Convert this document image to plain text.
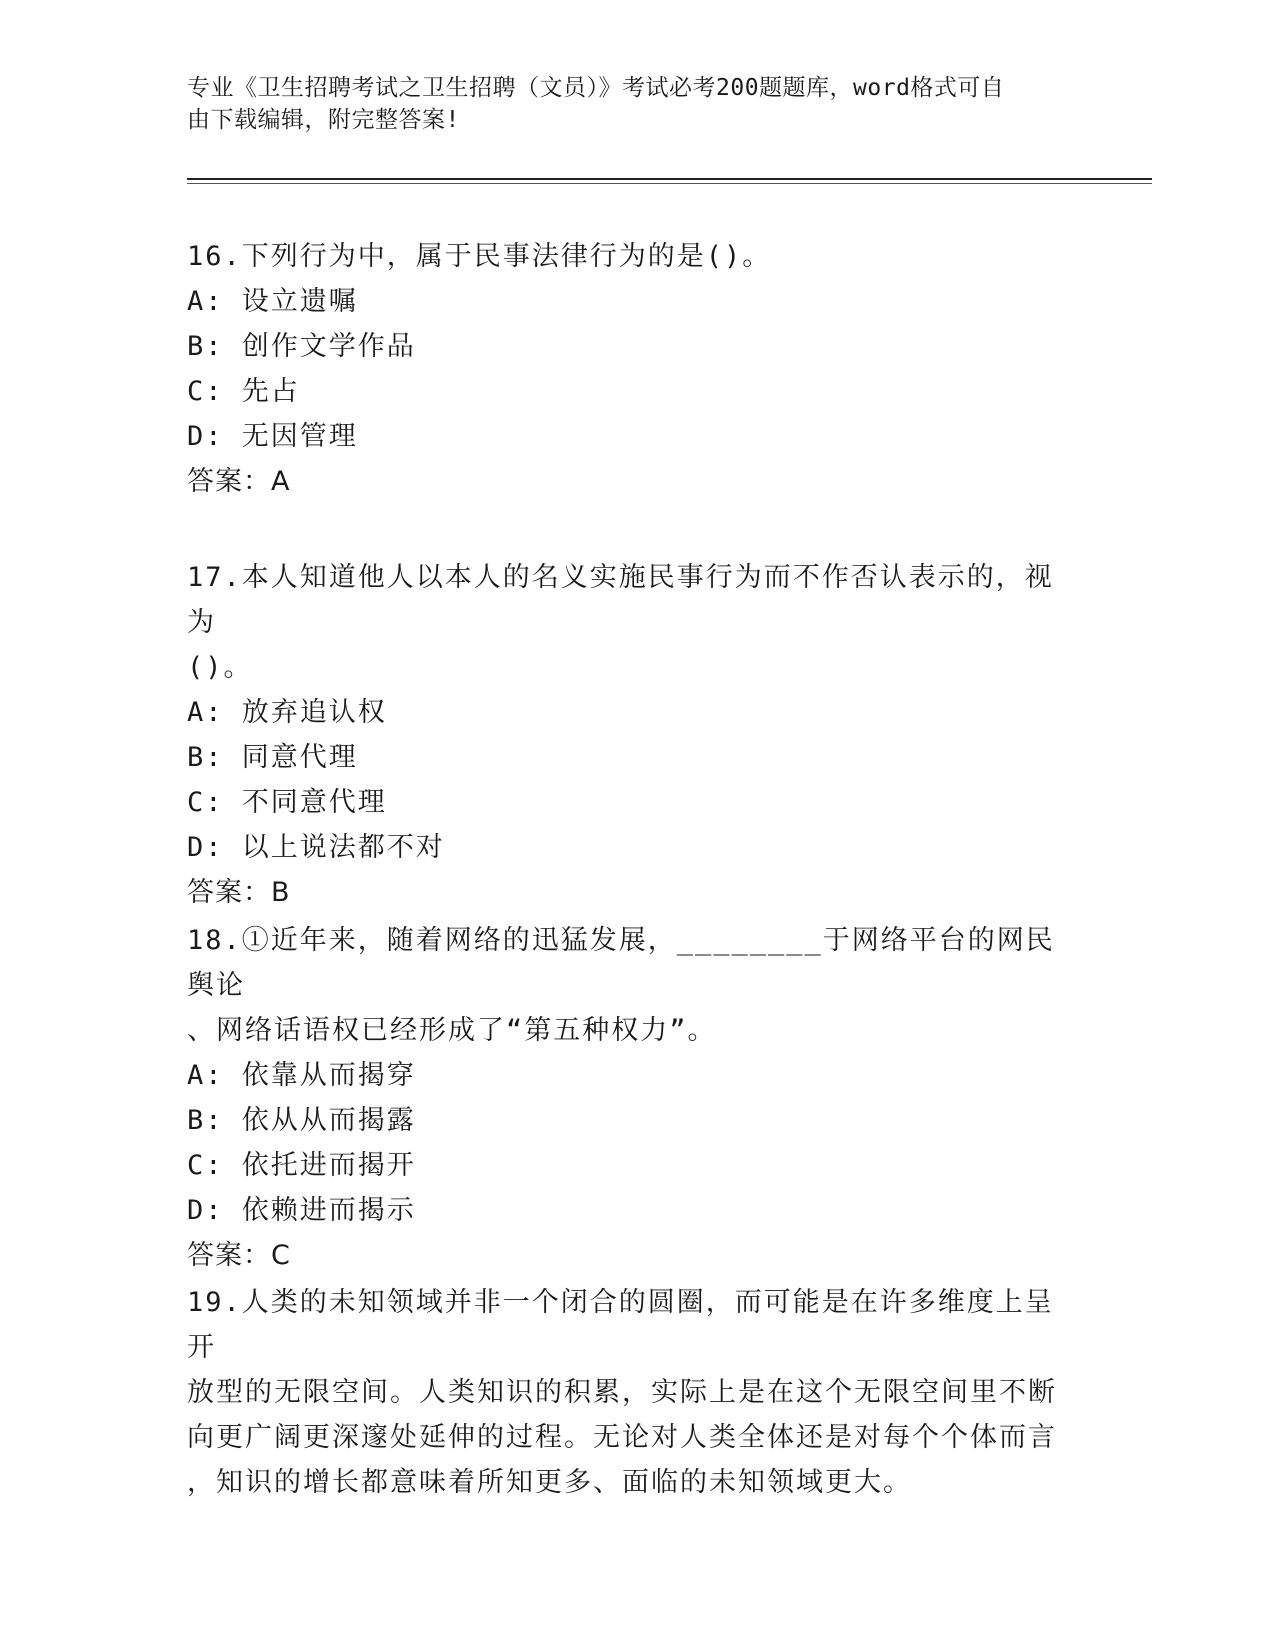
专业《卫生招聘考试之卫生招聘（文员）》考试必考200题题库，word格式可自
由下载编辑，附完整答案!
16.下列行为中，属于民事法律行为的是()。
A: 设立遗嘱
B: 创作文学作品
C: 先占
D: 无因管理
答案：A
17.本人知道他人以本人的名义实施民事行为而不作否认表示的，视为
()。
A: 放弃追认权
B: 同意代理
C: 不同意代理
D: 以上说法都不对
答案：B
18.①近年来，随着网络的迅猛发展，________于网络平台的网民舆论
、网络话语权已经形成了“第五种权力”。
A: 依靠从而揭穿
B: 依从从而揭露
C: 依托进而揭开
D: 依赖进而揭示
答案：C
19.人类的未知领域并非一个闭合的圆圈，而可能是在许多维度上呈开
放型的无限空间。人类知识的积累，实际上是在这个无限空间里不断
向更广阔更深邃处延伸的过程。无论对人类全体还是对每个个体而言
，知识的增长都意味着所知更多、面临的未知领域更大。
